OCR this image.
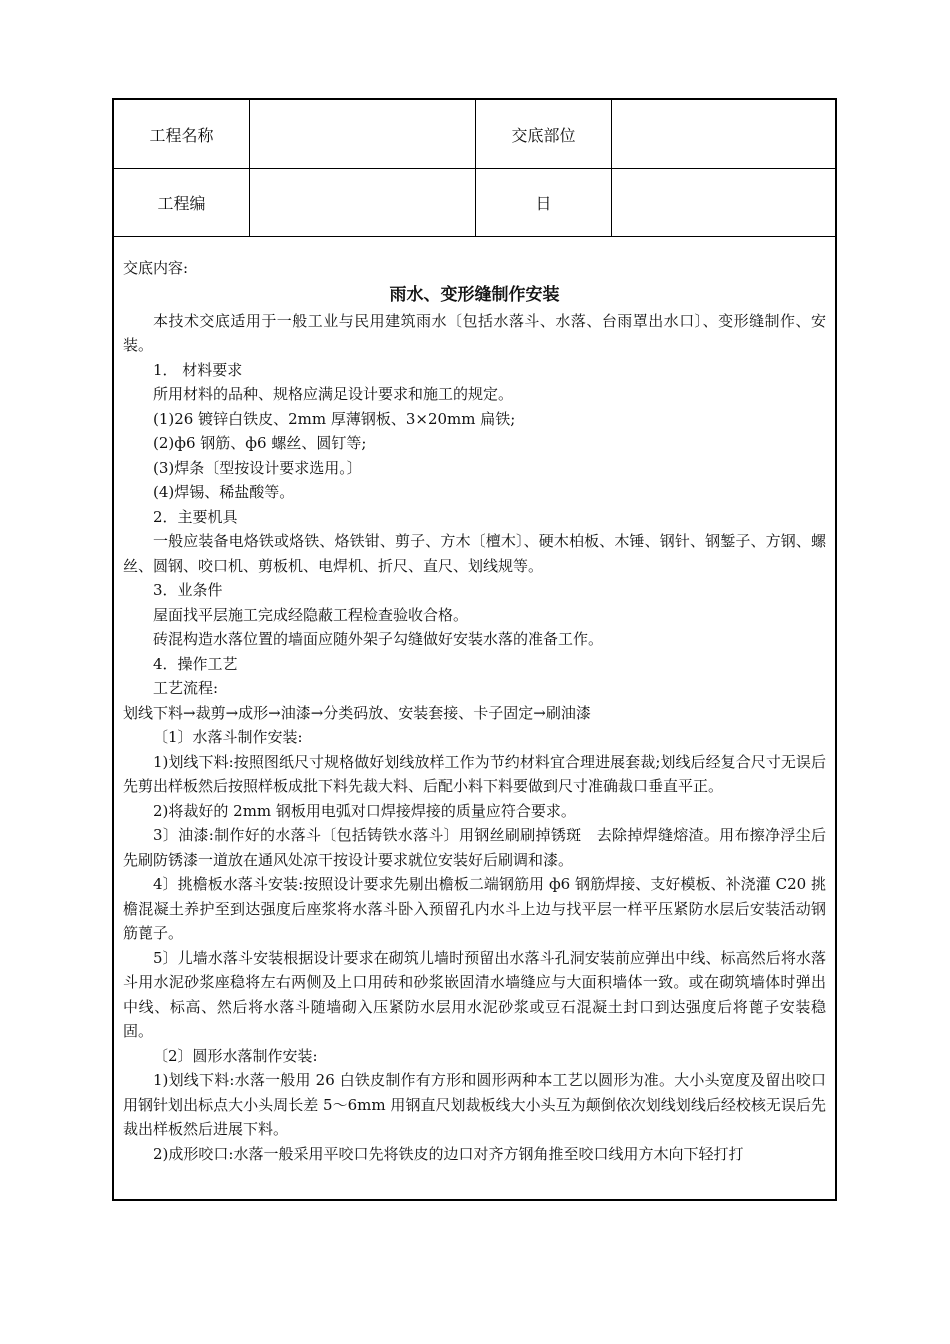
工程名称	交底部位
工程编	日

交底内容:

雨水、变形缝制作安装

本技术交底适用于一般工业与民用建筑雨水〔包括水落斗、水落、台雨罩出水口〕、变形缝制作、安装。

1． 材料要求

所用材料的品种、规格应满足设计要求和施工的规定。

(1)26 镀锌白铁皮、2mm 厚薄钢板、3×20mm 扁铁;

(2)ф6 钢筋、ф6 螺丝、圆钉等;

(3)焊条〔型按设计要求选用。〕

(4)焊锡、稀盐酸等。

2．主要机具

一般应装备电烙铁或烙铁、烙铁钳、剪子、方木〔檀木〕、硬木柏板、木锤、钢针、钢錾子、方钢、螺丝、圆钢、咬口机、剪板机、电焊机、折尺、直尺、划线规等。

3．业条件

屋面找平层施工完成经隐蔽工程检查验收合格。

砖混构造水落位置的墙面应随外架子勾缝做好安装水落的准备工作。

4．操作工艺

工艺流程:

划线下料→裁剪→成形→油漆→分类码放、安装套接、卡子固定→刷油漆

〔1〕水落斗制作安装:

1)划线下料:按照图纸尺寸规格做好划线放样工作为节约材料宜合理进展套裁;划线后经复合尺寸无误后先剪出样板然后按照样板成批下料先裁大料、后配小料下料要做到尺寸准确裁口垂直平正。

2)将裁好的 2mm 钢板用电弧对口焊接焊接的质量应符合要求。

3〕油漆:制作好的水落斗〔包括铸铁水落斗〕用钢丝刷刷掉锈斑　去除掉焊缝熔渣。用布擦净浮尘后先刷防锈漆一道放在通风处凉干按设计要求就位安装好后刷调和漆。

4〕挑檐板水落斗安装:按照设计要求先剔出檐板二端钢筋用 ф6 钢筋焊接、支好模板、补浇灌 C20 挑檐混凝土养护至到达强度后座浆将水落斗卧入预留孔内水斗上边与找平层一样平压紧防水层后安装活动钢筋蓖子。

5〕儿墙水落斗安装根据设计要求在砌筑儿墙时预留出水落斗孔洞安装前应弹出中线、标高然后将水落斗用水泥砂浆座稳将左右两侧及上口用砖和砂浆嵌固清水墙缝应与大面积墙体一致。或在砌筑墙体时弹出中线、标高、然后将水落斗随墙砌入压紧防水层用水泥砂浆或豆石混凝土封口到达强度后将蓖子安装稳固。

〔2〕圆形水落制作安装:

1)划线下料:水落一般用 26 白铁皮制作有方形和圆形两种本工艺以圆形为准。大小头宽度及留出咬口用钢针划出标点大小头周长差 5～6mm 用钢直尺划裁板线大小头互为颠倒依次划线划线后经校核无误后先裁出样板然后进展下料。

2)成形咬口:水落一般采用平咬口先将铁皮的边口对齐方钢角推至咬口线用方木向下轻打打
